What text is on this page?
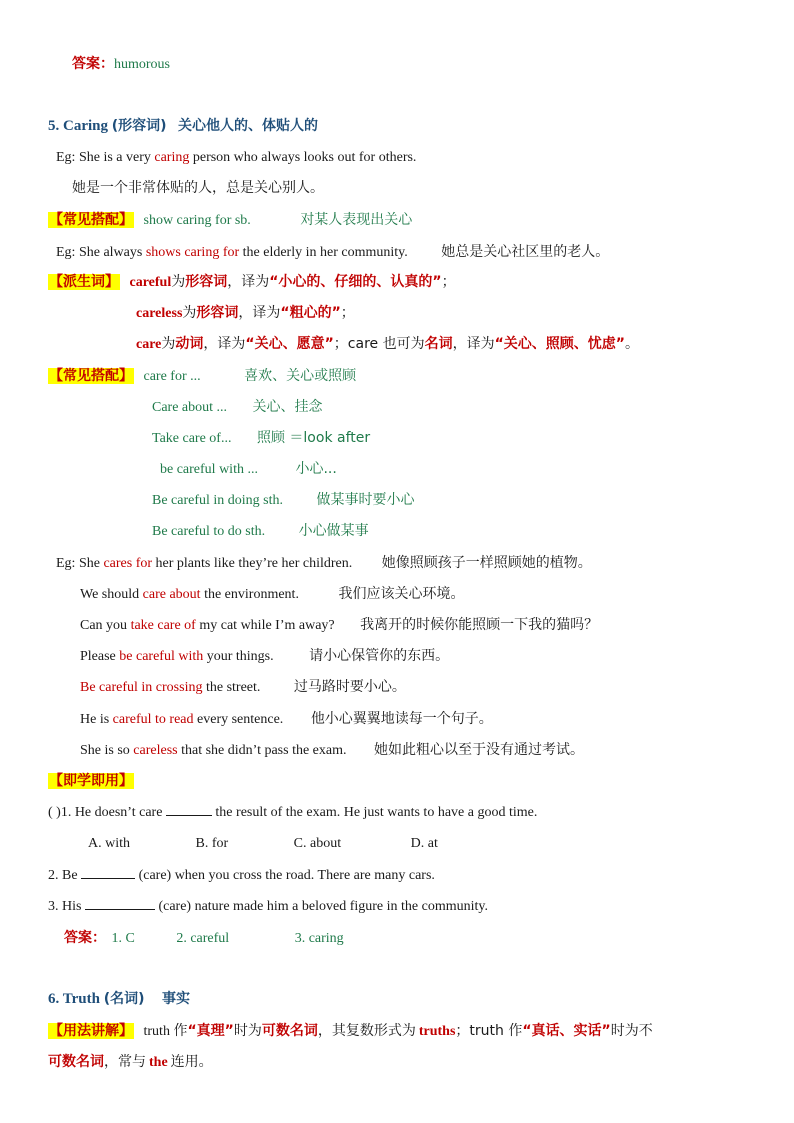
答案：humorous
5. Caring (形容词) 关心他人的、体贴人的
Eg: She is a very caring person who always looks out for others.
她是一个非常体贴的人，总是关心别人。
【常见搭配】 show caring for sb.	对某人表现出关心
Eg: She always shows caring for the elderly in her community. 她总是关心社区里的老人。
【派生词】 careful为形容词，译为“小心的、仔细的、认真的”；
careless为形容词，译为“粗心的”；
care为动词，译为“关心、愿意”；care 也可为名词，译为“关心、照顾、忧虑”。
【常见搭配】 care for ...	喜欢、关心或照顾
Care about ... 关心、挂念
Take care of... 照顾 ＝look after
be careful with ...	小心...
Be careful in doing sth. 做某事时要小心
Be careful to do sth. 小心做某事
Eg: She cares for her plants like they’re her children. 她像照顾孩子一样照顾她的植物。
We should care about the environment.	我们应该关心环境。
Can you take care of my cat while I’m away? 我离开的时候你能照顾一下我的猫吗？
Please be careful with your things.	请小心保管你的东西。
Be careful in crossing the street. 过马路时要小心。
He is careful to read every sentence. 他小心翼翼地读每一个句子。
She is so careless that she didn’t pass the exam. 她如此粗心以至于没有通过考试。
【即学即用】
( )1. He doesn’t care	the result of the exam. He just wants to have a good time.
A. with	B. for	C. about	D. at
2. Be	(care) when you cross the road. There are many cars.
3. His	(care) nature made him a beloved figure in the community.
答案： 1. C	2. careful	3. caring
6. Truth (名词) 事实
【用法讲解】 truth 作“真理”时为可数名词，其复数形式为 truths；truth 作“真话、实话”时为不
可数名词，常与 the 连用。
